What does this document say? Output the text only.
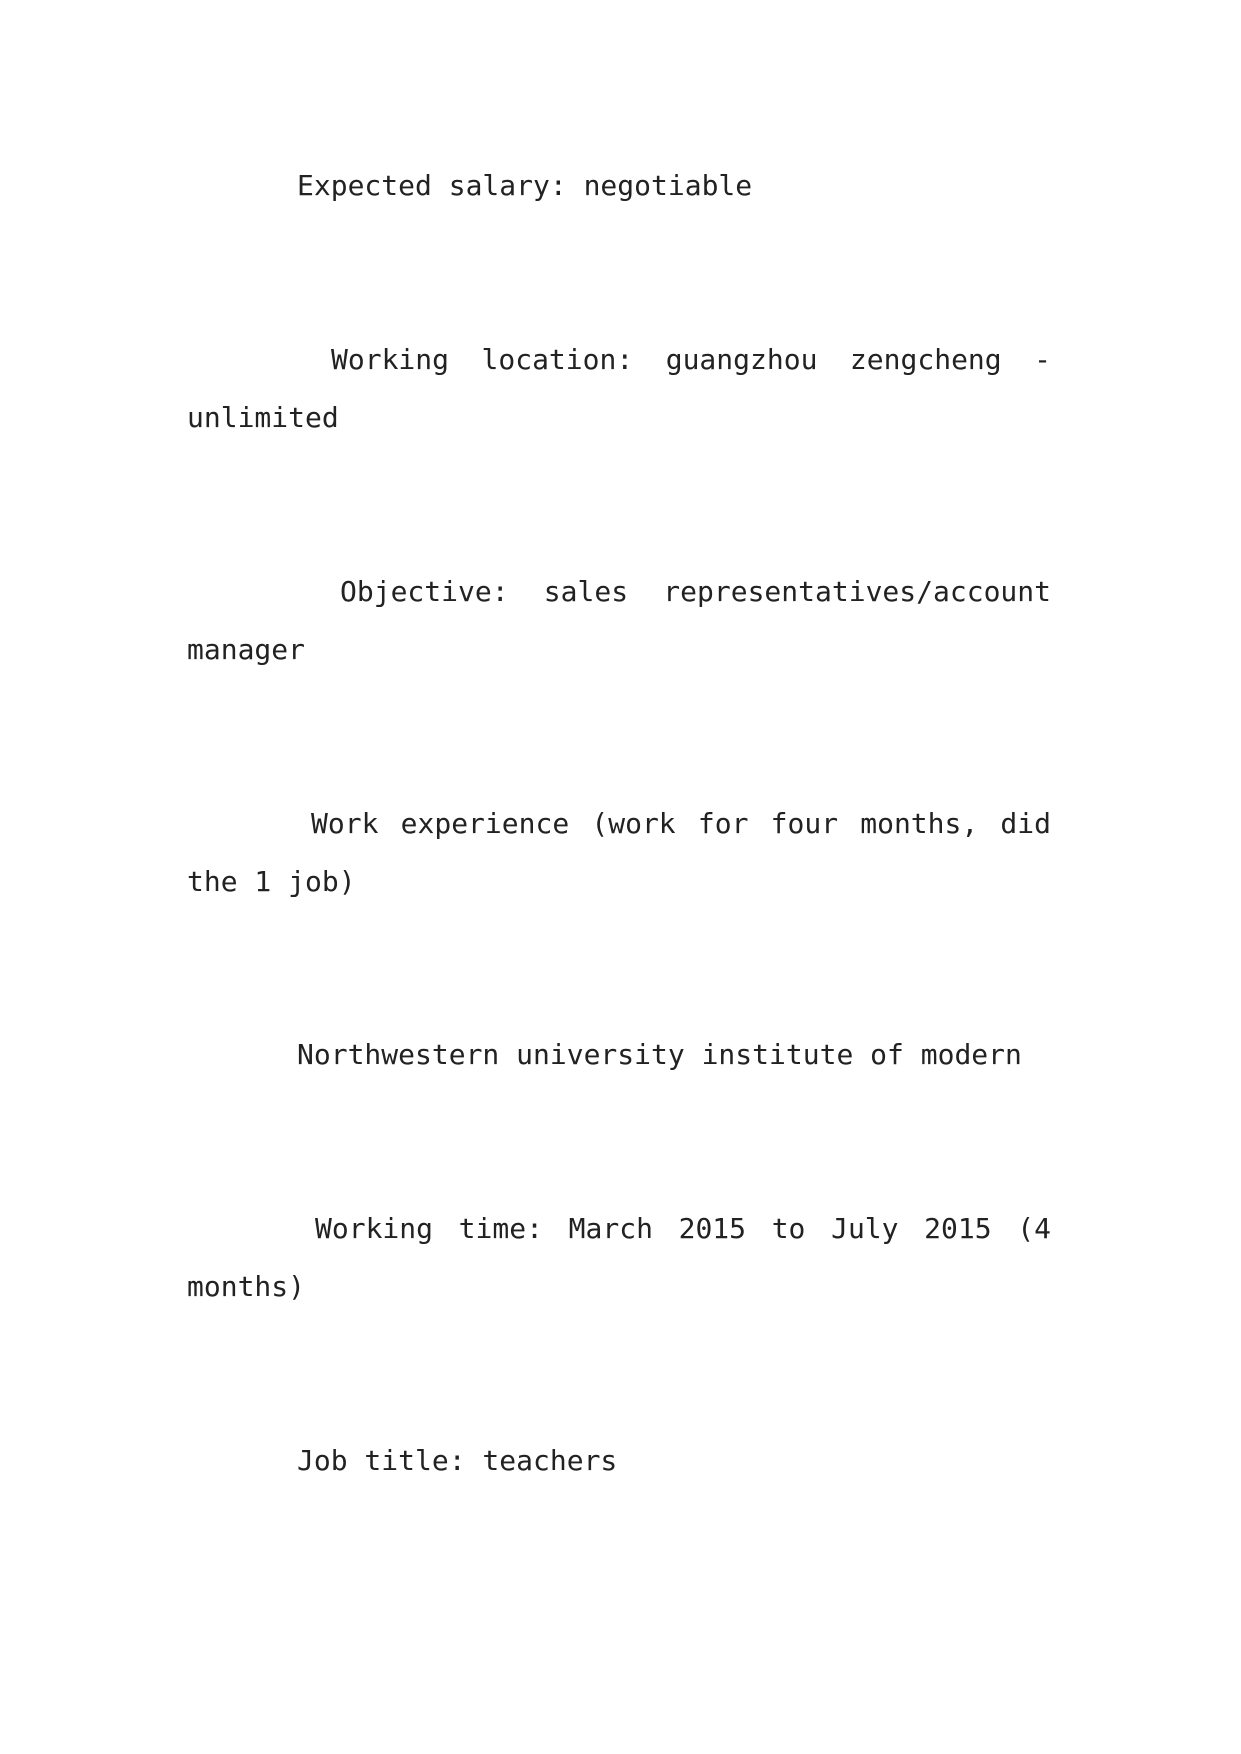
Expected salary: negotiable

Working location: guangzhou zengcheng - unlimited

Objective: sales representatives/account manager

Work experience (work for four months, did the 1 job)

Northwestern university institute of modern

Working time: March 2015 to July 2015 (4 months)

Job title: teachers
